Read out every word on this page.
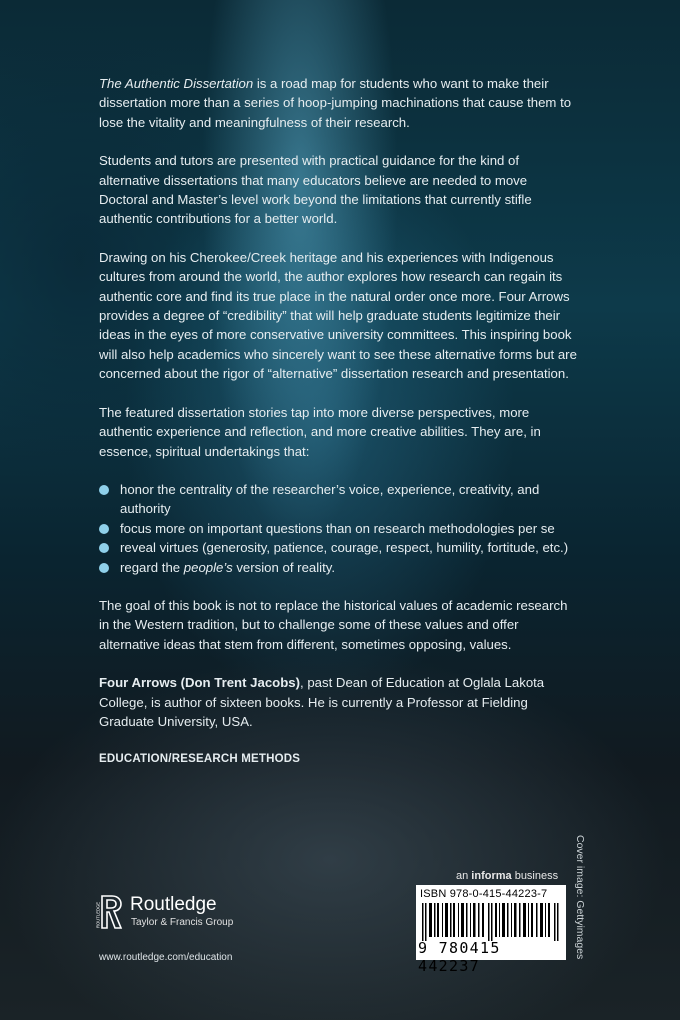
The Authentic Dissertation is a road map for students who want to make their dissertation more than a series of hoop-jumping machinations that cause them to lose the vitality and meaningfulness of their research.

Students and tutors are presented with practical guidance for the kind of alternative dissertations that many educators believe are needed to move Doctoral and Master’s level work beyond the limitations that currently stifle authentic contributions for a better world.

Drawing on his Cherokee/Creek heritage and his experiences with Indigenous cultures from around the world, the author explores how research can regain its authentic core and find its true place in the natural order once more. Four Arrows provides a degree of “credibility” that will help graduate students legitimize their ideas in the eyes of more conservative university committees. This inspiring book will also help academics who sincerely want to see these alternative forms but are concerned about the rigor of “alternative” dissertation research and presentation.

The featured dissertation stories tap into more diverse perspectives, more authentic experience and reflection, and more creative abilities. They are, in essence, spiritual undertakings that:

honor the centrality of the researcher’s voice, experience, creativity, and authority
focus more on important questions than on research methodologies per se
reveal virtues (generosity, patience, courage, respect, humility, fortitude, etc.)
regard the people’s version of reality.

The goal of this book is not to replace the historical values of academic research in the Western tradition, but to challenge some of these values and offer alternative ideas that stem from different, sometimes opposing, values.

Four Arrows (Don Trent Jacobs), past Dean of Education at Oglala Lakota College, is author of sixteen books. He is currently a Professor at Fielding Graduate University, USA.

EDUCATION/RESEARCH METHODS

Cover image: Gettyimages
an informa business
ISBN 978-0-415-44223-7
9 780415 442237
ROUTLEDGE Routledge
Taylor & Francis Group
www.routledge.com/education
